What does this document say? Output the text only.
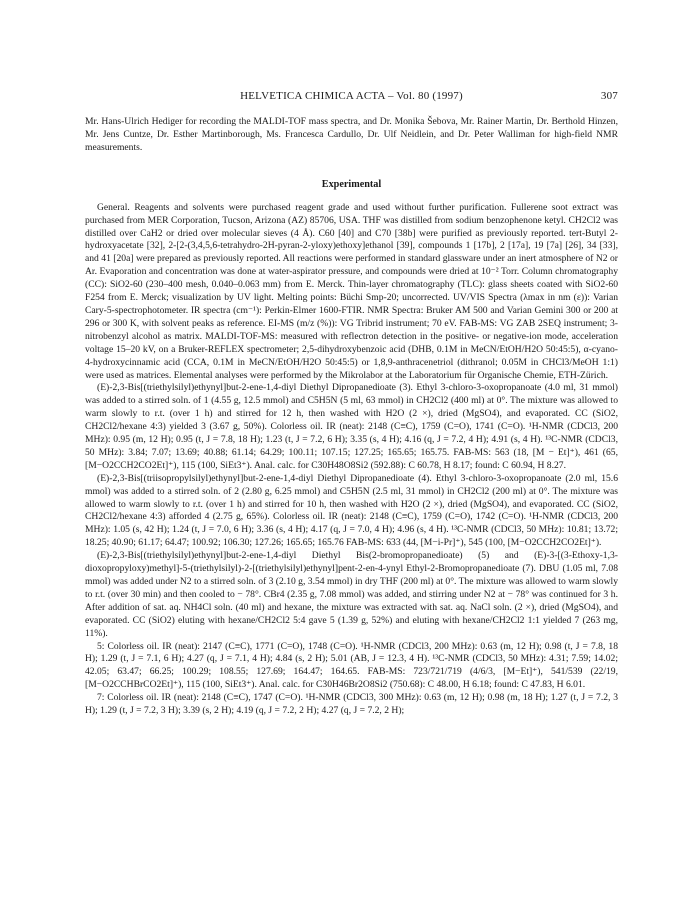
HELVETICA CHIMICA ACTA – Vol. 80 (1997)	307

Mr. Hans-Ulrich Hediger for recording the MALDI-TOF mass spectra, and Dr. Monika Šebova, Mr. Rainer Martin, Dr. Berthold Hinzen, Mr. Jens Cuntze, Dr. Esther Martinborough, Ms. Francesca Cardullo, Dr. Ulf Neidlein, and Dr. Peter Walliman for high-field NMR measurements.

Experimental

General. Reagents and solvents were purchased reagent grade and used without further purification. Fullerene soot extract was purchased from MER Corporation, Tucson, Arizona (AZ) 85706, USA. THF was distilled from sodium benzophenone ketyl. CH2Cl2 was distilled over CaH2 or dried over molecular sieves (4 Å). C60 [40] and C70 [38b] were purified as previously reported. tert-Butyl 2-hydroxyacetate [32], 2-[2-(3,4,5,6-tetrahydro-2H-pyran-2-yloxy)ethoxy]ethanol [39], compounds 1 [17b], 2 [17a], 19 [7a] [26], 34 [33], and 41 [20a] were prepared as previously reported. All reactions were performed in standard glassware under an inert atmosphere of N2 or Ar. Evaporation and concentration was done at water-aspirator pressure, and compounds were dried at 10⁻² Torr. Column chromatography (CC): SiO2-60 (230–400 mesh, 0.040–0.063 mm) from E. Merck. Thin-layer chromatography (TLC): glass sheets coated with SiO2-60 F254 from E. Merck; visualization by UV light. Melting points: Büchi Smp-20; uncorrected. UV/VIS Spectra (λmax in nm (ε)): Varian Cary-5-spectrophotometer. IR spectra (cm⁻¹): Perkin-Elmer 1600-FTIR. NMR Spectra: Bruker AM 500 and Varian Gemini 300 or 200 at 296 or 300 K, with solvent peaks as reference. EI-MS (m/z (%)): VG Tribrid instrument; 70 eV. FAB-MS: VG ZAB 2SEQ instrument; 3-nitrobenzyl alcohol as matrix. MALDI-TOF-MS: measured with reflectron detection in the positive- or negative-ion mode, acceleration voltage 15–20 kV, on a Bruker-REFLEX spectrometer; 2,5-dihydroxybenzoic acid (DHB, 0.1M in MeCN/EtOH/H2O 50:45:5), α-cyano-4-hydroxycinnamic acid (CCA, 0.1M in MeCN/EtOH/H2O 50:45:5) or 1,8,9-anthracenetriol (dithranol; 0.05M in CHCl3/MeOH 1:1) were used as matrices. Elemental analyses were performed by the Mikrolabor at the Laboratorium für Organische Chemie, ETH-Zürich.

(E)-2,3-Bis[(triethylsilyl)ethynyl]but-2-ene-1,4-diyl Diethyl Dipropanedioate (3). Ethyl 3-chloro-3-oxopropanoate (4.0 ml, 31 mmol) was added to a stirred soln. of 1 (4.55 g, 12.5 mmol) and C5H5N (5 ml, 63 mmol) in CH2Cl2 (400 ml) at 0°. The mixture was allowed to warm slowly to r.t. (over 1 h) and stirred for 12 h, then washed with H2O (2 ×), dried (MgSO4), and evaporated. CC (SiO2, CH2Cl2/hexane 4:3) yielded 3 (3.67 g, 50%). Colorless oil. IR (neat): 2148 (C≡C), 1759 (C=O), 1741 (C=O). ¹H-NMR (CDCl3, 200 MHz): 0.95 (m, 12 H); 0.95 (t, J = 7.8, 18 H); 1.23 (t, J = 7.2, 6 H); 3.35 (s, 4 H); 4.16 (q, J = 7.2, 4 H); 4.91 (s, 4 H). ¹³C-NMR (CDCl3, 50 MHz): 3.84; 7.07; 13.69; 40.88; 61.14; 64.29; 100.11; 107.15; 127.25; 165.65; 165.75. FAB-MS: 563 (18, [M − Et]⁺), 461 (65, [M−O2CCH2CO2Et]⁺), 115 (100, SiEt3⁺). Anal. calc. for C30H48O8Si2 (592.88): C 60.78, H 8.17; found: C 60.94, H 8.27.

(E)-2,3-Bis[(triisopropylsilyl)ethynyl]but-2-ene-1,4-diyl Diethyl Dipropanedioate (4). Ethyl 3-chloro-3-oxopropanoate (2.0 ml, 15.6 mmol) was added to a stirred soln. of 2 (2.80 g, 6.25 mmol) and C5H5N (2.5 ml, 31 mmol) in CH2Cl2 (200 ml) at 0°. The mixture was allowed to warm slowly to r.t. (over 1 h) and stirred for 10 h, then washed with H2O (2 ×), dried (MgSO4), and evaporated. CC (SiO2, CH2Cl2/hexane 4:3) afforded 4 (2.75 g, 65%). Colorless oil. IR (neat): 2148 (C≡C), 1759 (C=O), 1742 (C=O). ¹H-NMR (CDCl3, 200 MHz): 1.05 (s, 42 H); 1.24 (t, J = 7.0, 6 H); 3.36 (s, 4 H); 4.17 (q, J = 7.0, 4 H); 4.96 (s, 4 H). ¹³C-NMR (CDCl3, 50 MHz): 10.81; 13.72; 18.25; 40.90; 61.17; 64.47; 100.92; 106.30; 127.26; 165.65; 165.76 FAB-MS: 633 (44, [M−i-Pr]⁺), 545 (100, [M−O2CCH2CO2Et]⁺).

(E)-2,3-Bis[(triethylsilyl)ethynyl]but-2-ene-1,4-diyl Diethyl Bis(2-bromopropanedioate) (5) and (E)-3-[(3-Ethoxy-1,3-dioxopropyloxy)methyl]-5-(triethylsilyl)-2-[(triethylsilyl)ethynyl]pent-2-en-4-ynyl Ethyl-2-Bromopropanedioate (7). DBU (1.05 ml, 7.08 mmol) was added under N2 to a stirred soln. of 3 (2.10 g, 3.54 mmol) in dry THF (200 ml) at 0°. The mixture was allowed to warm slowly to r.t. (over 30 min) and then cooled to − 78°. CBr4 (2.35 g, 7.08 mmol) was added, and stirring under N2 at − 78° was continued for 3 h. After addition of sat. aq. NH4Cl soln. (40 ml) and hexane, the mixture was extracted with sat. aq. NaCl soln. (2 ×), dried (MgSO4), and evaporated. CC (SiO2) eluting with hexane/CH2Cl2 5:4 gave 5 (1.39 g, 52%) and eluting with hexane/CH2Cl2 1:1 yielded 7 (263 mg, 11%).

5: Colorless oil. IR (neat): 2147 (C≡C), 1771 (C=O), 1748 (C=O). ¹H-NMR (CDCl3, 200 MHz): 0.63 (m, 12 H); 0.98 (t, J = 7.8, 18 H); 1.29 (t, J = 7.1, 6 H); 4.27 (q, J = 7.1, 4 H); 4.84 (s, 2 H); 5.01 (AB, J = 12.3, 4 H). ¹³C-NMR (CDCl3, 50 MHz): 4.31; 7.59; 14.02; 42.05; 63.47; 66.25; 100.29; 108.55; 127.69; 164.47; 164.65. FAB-MS: 723/721/719 (4/6/3, [M−Et]⁺), 541/539 (22/19, [M−O2CCHBrCO2Et]⁺), 115 (100, SiEt3⁺). Anal. calc. for C30H46Br2O8Si2 (750.68): C 48.00, H 6.18; found: C 47.83, H 6.01.

7: Colorless oil. IR (neat): 2148 (C≡C), 1747 (C=O). ¹H-NMR (CDCl3, 300 MHz): 0.63 (m, 12 H); 0.98 (m, 18 H); 1.27 (t, J = 7.2, 3 H); 1.29 (t, J = 7.2, 3 H); 3.39 (s, 2 H); 4.19 (q, J = 7.2, 2 H); 4.27 (q, J = 7.2, 2 H);
